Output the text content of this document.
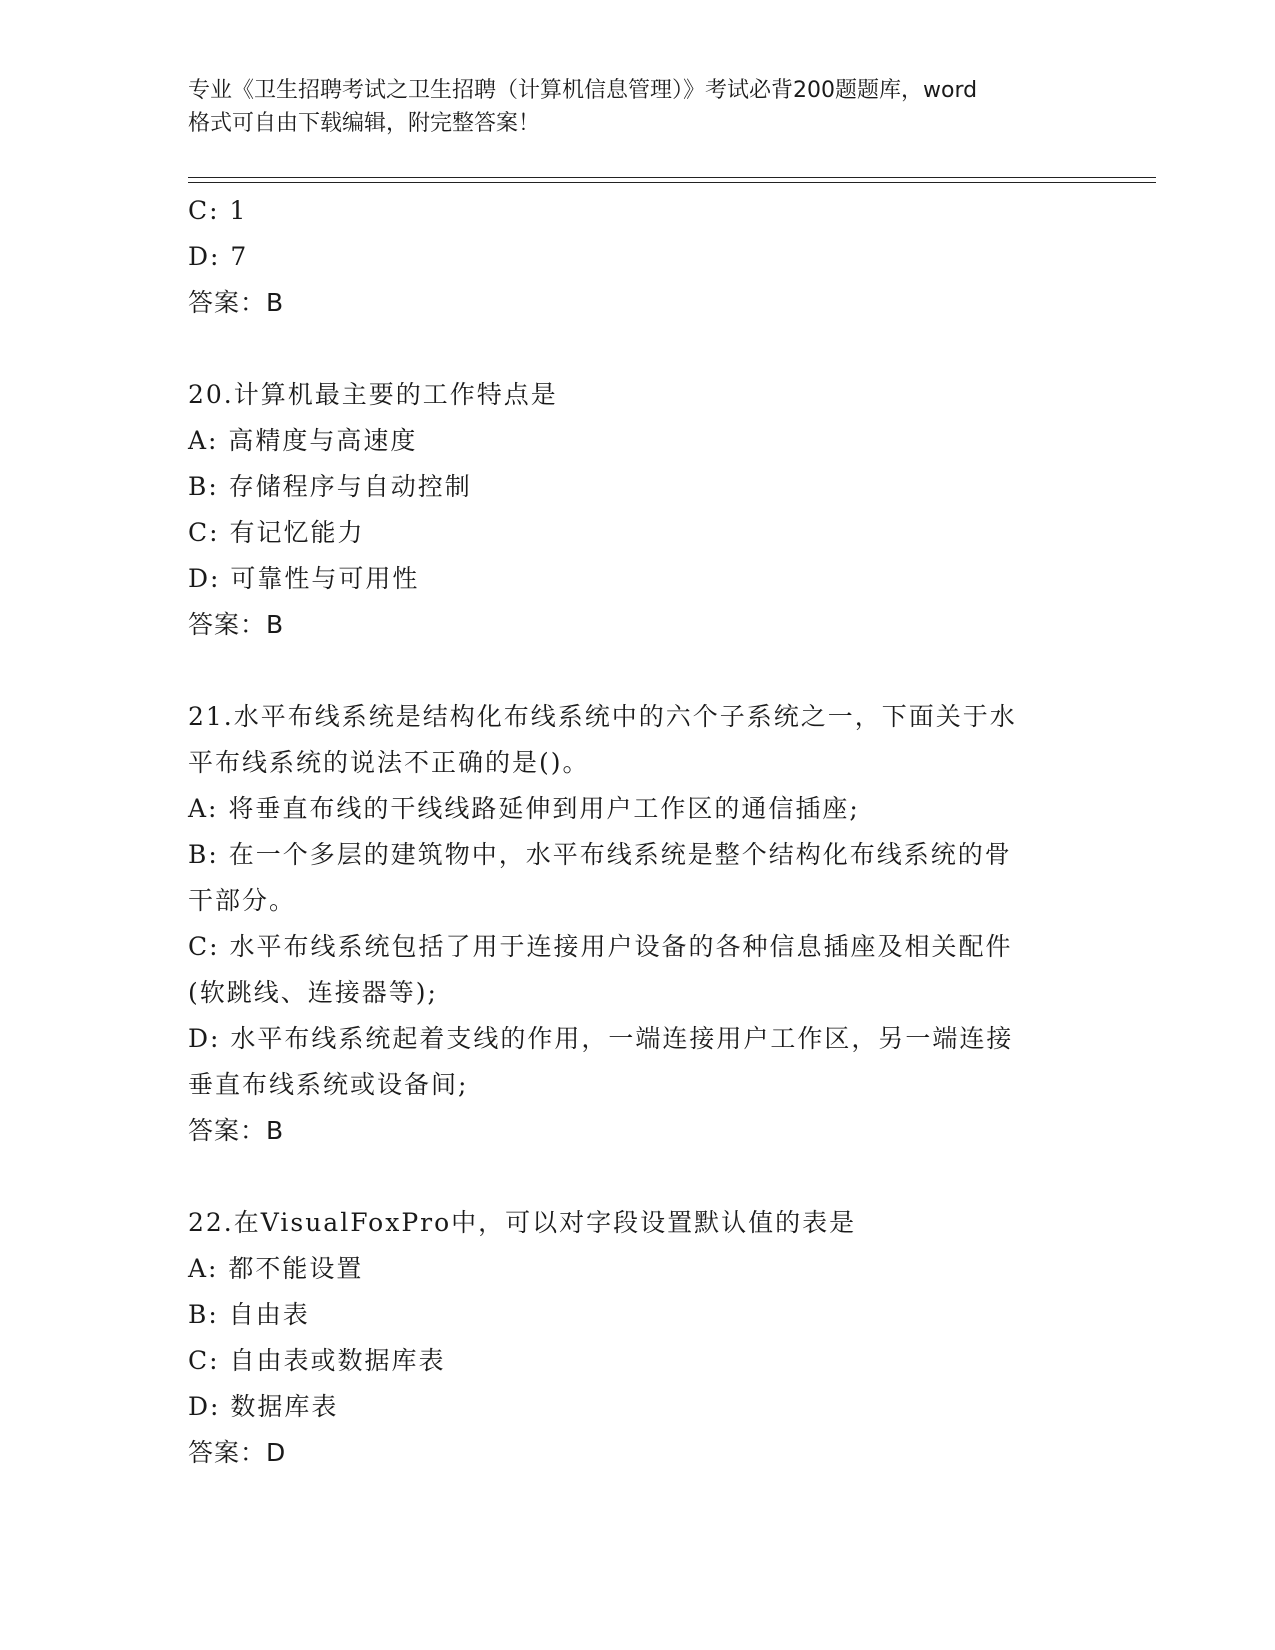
专业《卫生招聘考试之卫生招聘（计算机信息管理）》考试必背200题题库，word
格式可自由下载编辑，附完整答案！

C: 1

D: 7

答案：B

20.计算机最主要的工作特点是

A: 高精度与高速度

B: 存储程序与自动控制

C: 有记忆能力

D: 可靠性与可用性

答案：B

21.水平布线系统是结构化布线系统中的六个子系统之一，下面关于水

平布线系统的说法不正确的是()。

A: 将垂直布线的干线线路延伸到用户工作区的通信插座;

B: 在一个多层的建筑物中，水平布线系统是整个结构化布线系统的骨

干部分。

C: 水平布线系统包括了用于连接用户设备的各种信息插座及相关配件

(软跳线、连接器等);

D: 水平布线系统起着支线的作用，一端连接用户工作区，另一端连接

垂直布线系统或设备间;

答案：B

22.在VisualFoxPro中，可以对字段设置默认值的表是

A: 都不能设置

B: 自由表

C: 自由表或数据库表

D: 数据库表

答案：D
